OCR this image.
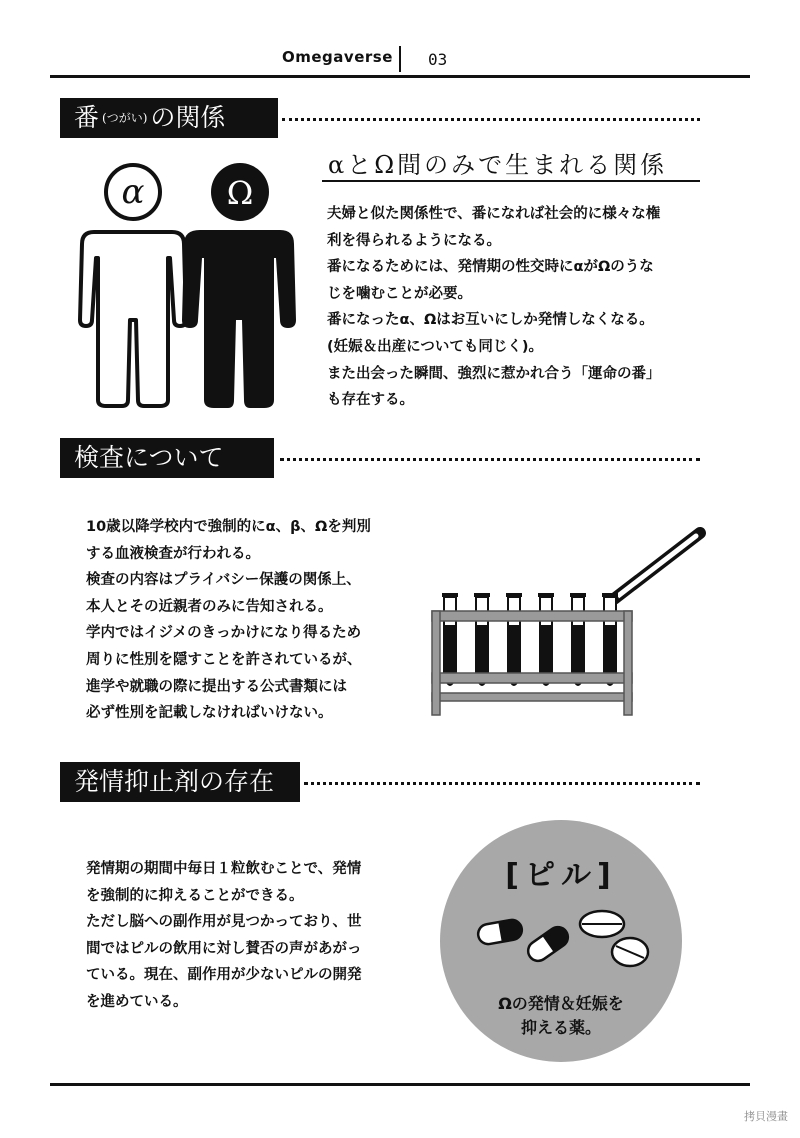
Omegaverse 03
番 (つがい) の関係
α	Ω
αとΩ間のみで生まれる関係
夫婦と似た関係性で、番になれば社会的に様々な権
利を得られるようになる。
番になるためには、発情期の性交時にαがΩのうな
じを噛むことが必要。
番になったα、Ωはお互いにしか発情しなくなる。
(妊娠＆出産についても同じく)。
また出会った瞬間、強烈に惹かれ合う「運命の番」
も存在する。
検査について
10歳以降学校内で強制的にα、β、Ωを判別
する血液検査が行われる。
検査の内容はプライバシー保護の関係上、
本人とその近親者のみに告知される。
学内ではイジメのきっかけになり得るため
周りに性別を隠すことを許されているが、
進学や就職の際に提出する公式書類には
必ず性別を記載しなければいけない。
発情抑止剤の存在
発情期の期間中毎日１粒飲むことで、発情
を強制的に抑えることができる。
ただし脳への副作用が見つかっており、世
間ではピルの飲用に対し賛否の声があがっ
ている。現在、副作用が少ないピルの開発
を進めている。
[ピル]
Ωの発情＆妊娠を
抑える薬。
拷貝漫畫
